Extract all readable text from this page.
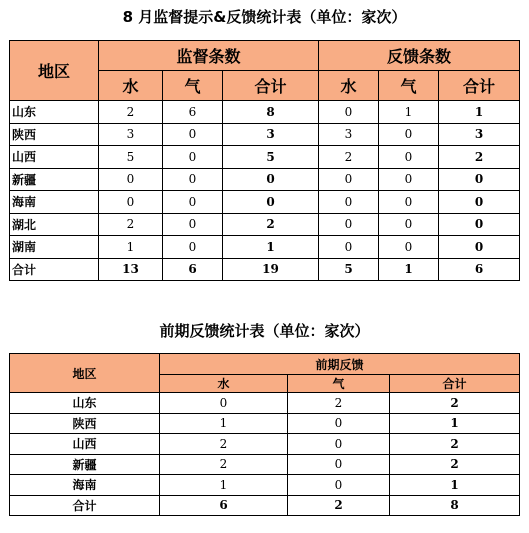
8 月监督提示&反馈统计表（单位：家次）
地区	监督条数			反馈条数		
	水	气	合计	水	气	合计
山东	2	6	8	0	1	1
陕西	3	0	3	3	0	3
山西	5	0	5	2	0	2
新疆	0	0	0	0	0	0
海南	0	0	0	0	0	0
湖北	2	0	2	0	0	0
湖南	1	0	1	0	0	0
合计	13	6	19	5	1	6
前期反馈统计表（单位：家次）
地区	前期反馈		
	水	气	合计
山东	0	2	2
陕西	1	0	1
山西	2	0	2
新疆	2	0	2
海南	1	0	1
合计	6	2	8
